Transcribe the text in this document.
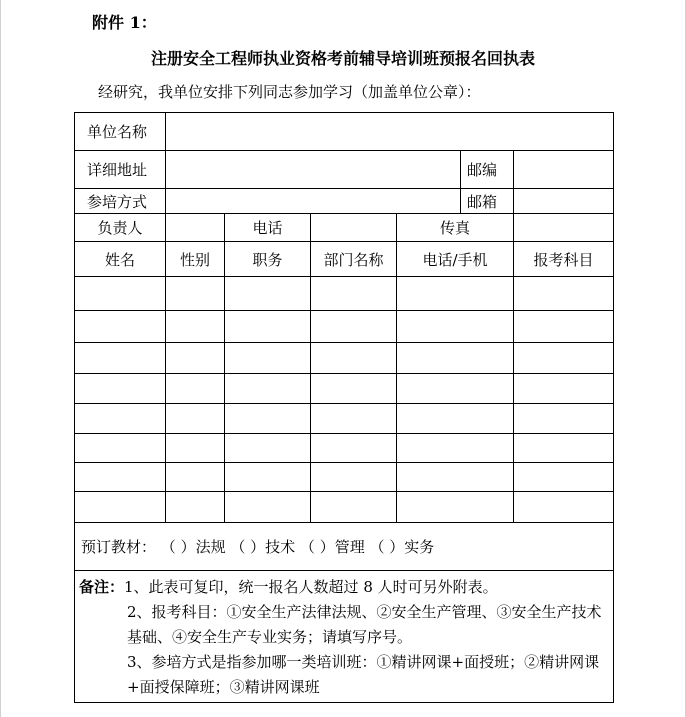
附件 1：
注册安全工程师执业资格考前辅导培训班预报名回执表
经研究，我单位安排下列同志参加学习（加盖单位公章）：
单位名称						
详细地址					邮编	
参培方式					邮箱	
负责人		电话		传真		
姓名	性别	职务	部门名称	电话/手机		报考科目

预订教材： （ ）法规 （ ）技术 （ ）管理 （ ）实务						

备注：1、此表可复印，统一报名人数超过 8 人时可另外附表。

2、报考科目：①安全生产法律法规、②安全生产管理、③安全生产技术基础、④安全生产专业实务；请填写序号。

3、参培方式是指参加哪一类培训班：①精讲网课+面授班；②精讲网课+面授保障班；③精讲网课班						
